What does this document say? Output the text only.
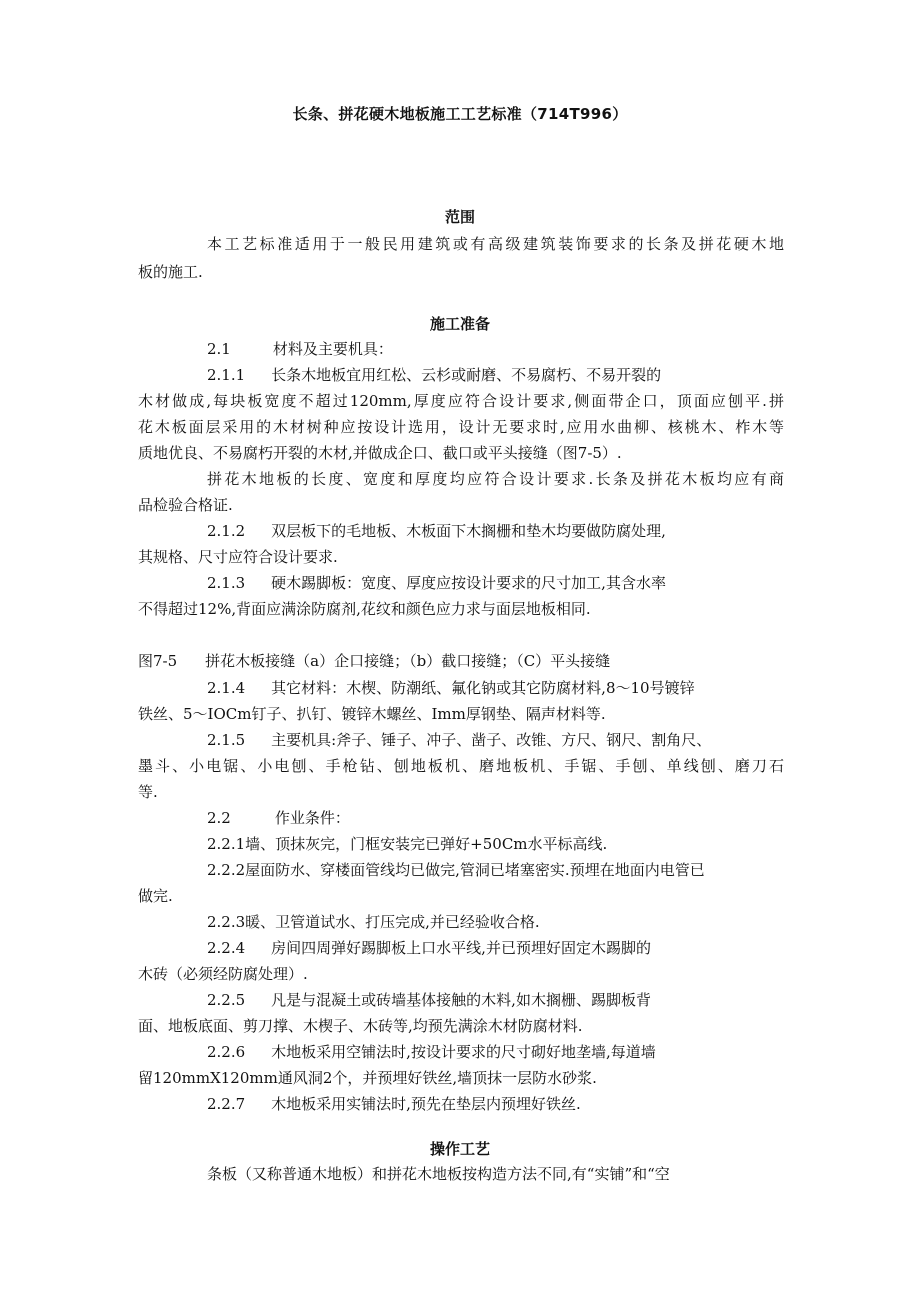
长条、拼花硬木地板施工工艺标准（714T996）
范围
本工艺标准适用于一般民用建筑或有高级建筑装饰要求的长条及拼花硬木地
板的施工.
施工准备
2.1	材料及主要机具：
2.1.1 长条木地板宜用红松、云杉或耐磨、不易腐朽、不易开裂的
木材做成,每块板宽度不超过120mm,厚度应符合设计要求,侧面带企口，顶面应刨平.拼
花木板面层采用的木材树种应按设计选用，设计无要求时,应用水曲柳、核桃木、柞木等
质地优良、不易腐朽开裂的木材,并做成企口、截口或平头接缝（图7-5）.
拼花木地板的长度、宽度和厚度均应符合设计要求.长条及拼花木板均应有商
品检验合格证.
2.1.2 双层板下的毛地板、木板面下木搁栅和垫木均要做防腐处理,
其规格、尺寸应符合设计要求.
2.1.3 硬木踢脚板：宽度、厚度应按设计要求的尺寸加工,其含水率
不得超过12%,背面应满涂防腐剂,花纹和颜色应力求与面层地板相同.
图7-5 拼花木板接缝（a）企口接缝；（b）截口接缝；（C）平头接缝
2.1.4 其它材料：木楔、防潮纸、氟化钠或其它防腐材料,8～10号镀锌
铁丝、5～IOCm钉子、扒钉、镀锌木螺丝、Imm厚钢垫、隔声材料等.
2.1.5 主要机具:斧子、锤子、冲子、凿子、改锥、方尺、钢尺、割角尺、
墨斗、小电锯、小电刨、手枪钻、刨地板机、磨地板机、手锯、手刨、单线刨、磨刀石
等.
2.2	作业条件：
2.2.1墙、顶抹灰完，门框安装完已弹好+50Cm水平标高线.
2.2.2屋面防水、穿楼面管线均已做完,管洞已堵塞密实.预埋在地面内电管已
做完.
2.2.3暖、卫管道试水、打压完成,并已经验收合格.
2.2.4 房间四周弹好踢脚板上口水平线,并已预埋好固定木踢脚的
木砖（必须经防腐处理）.
2.2.5 凡是与混凝土或砖墙基体接触的木料,如木搁栅、踢脚板背
面、地板底面、剪刀撑、木楔子、木砖等,均预先满涂木材防腐材料.
2.2.6 木地板采用空铺法时,按设计要求的尺寸砌好地垄墙,每道墙
留120mmX120mm通风洞2个，并预埋好铁丝,墙顶抹一层防水砂浆.
2.2.7 木地板采用实铺法时,预先在垫层内预埋好铁丝.
操作工艺
条板（又称普通木地板）和拼花木地板按构造方法不同,有“实铺”和“空
